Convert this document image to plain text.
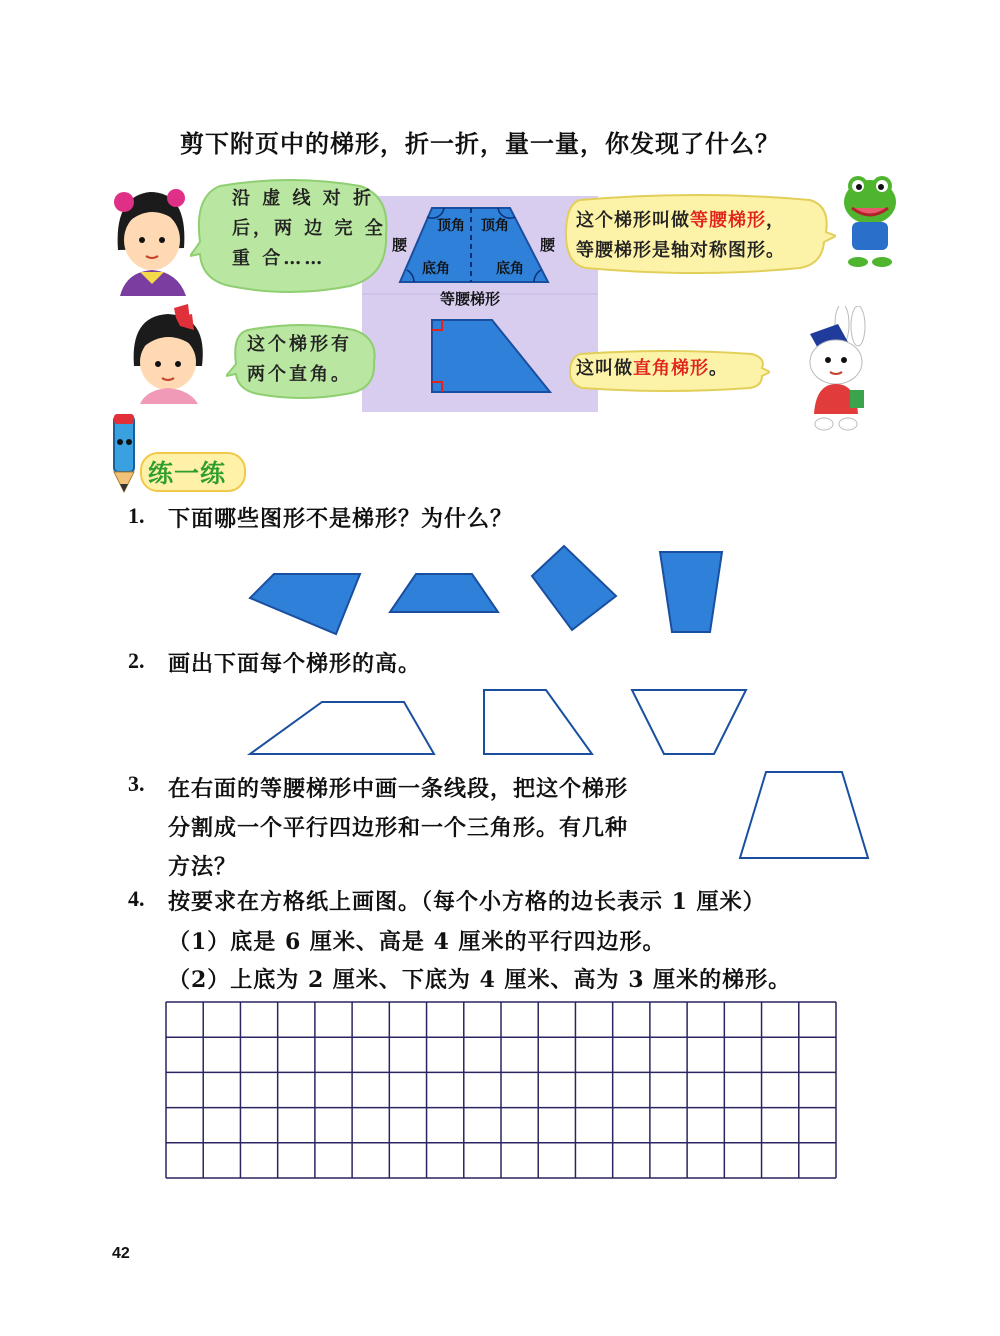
剪下附页中的梯形，折一折，量一量，你发现了什么？
顶角 顶角
底角	底角
腰	腰
等腰梯形
沿 虚 线 对 折
后，两 边 完 全
重 合……
这个梯形有
两个直角。
这个梯形叫做等腰梯形，
等腰梯形是轴对称图形。
这叫做直角梯形。
练一练
1. 下面哪些图形不是梯形？为什么？
2. 画出下面每个梯形的高。
3. 在右面的等腰梯形中画一条线段，把这个梯形
分割成一个平行四边形和一个三角形。有几种
方法？
4. 按要求在方格纸上画图。（每个小方格的边长表示 1 厘米）
（1）底是 6 厘米、高是 4 厘米的平行四边形。
（2）上底为 2 厘米、下底为 4 厘米、高为 3 厘米的梯形。
42
